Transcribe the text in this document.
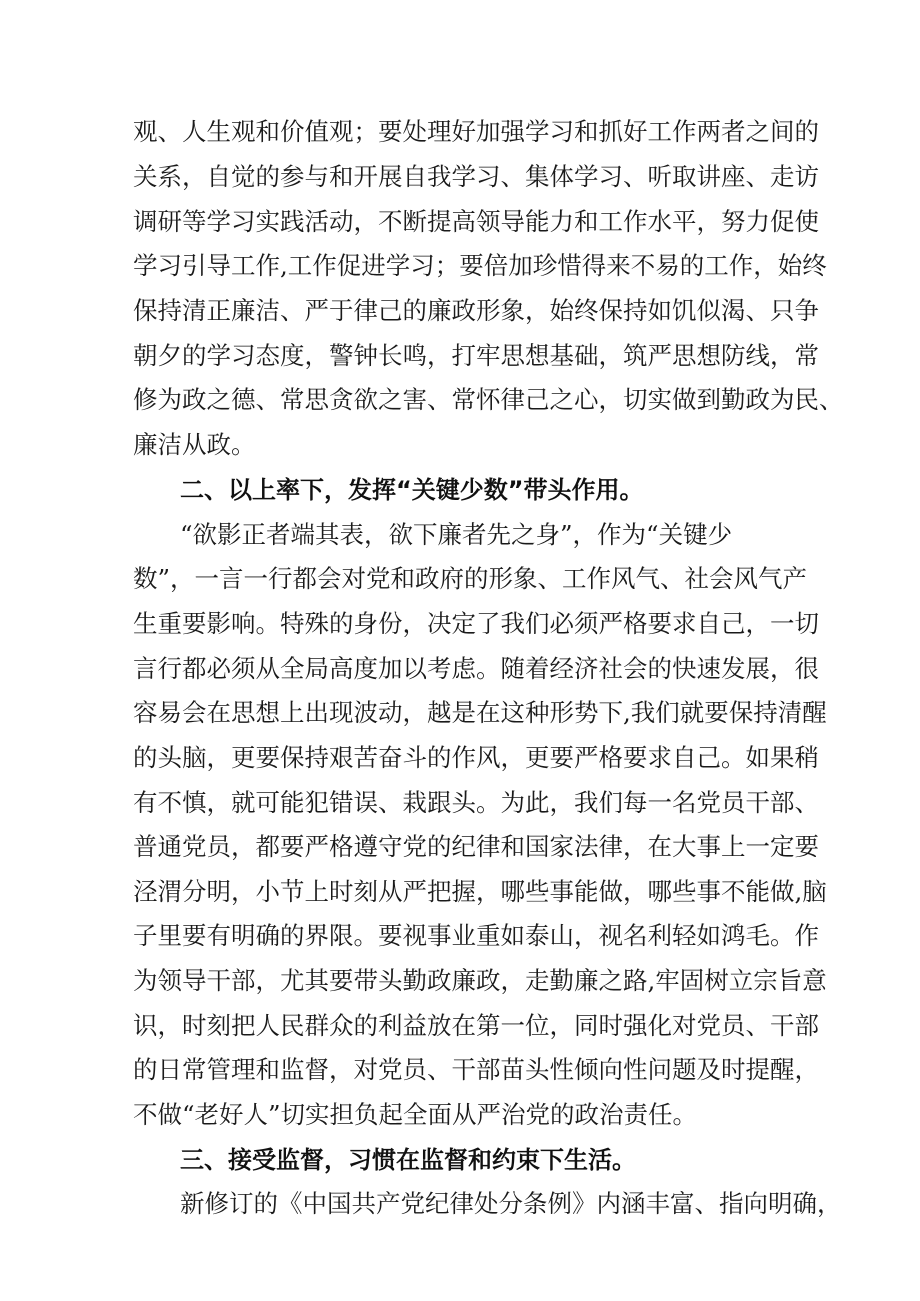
观、人生观和价值观；要处理好加强学习和抓好工作两者之间的
关系，自觉的参与和开展自我学习、集体学习、听取讲座、走访
调研等学习实践活动，不断提高领导能力和工作水平，努力促使
学习引导工作,工作促进学习；要倍加珍惜得来不易的工作，始终
保持清正廉洁、严于律己的廉政形象，始终保持如饥似渴、只争
朝夕的学习态度，警钟长鸣，打牢思想基础，筑严思想防线，常
修为政之德、常思贪欲之害、常怀律己之心，切实做到勤政为民、
廉洁从政。
二、以上率下，发挥“关键少数”带头作用。
“欲影正者端其表，欲下廉者先之身”，作为“关键少
数”，一言一行都会对党和政府的形象、工作风气、社会风气产
生重要影响。特殊的身份，决定了我们必须严格要求自己，一切
言行都必须从全局高度加以考虑。随着经济社会的快速发展，很
容易会在思想上出现波动，越是在这种形势下,我们就要保持清醒
的头脑，更要保持艰苦奋斗的作风，更要严格要求自己。如果稍
有不慎，就可能犯错误、栽跟头。为此，我们每一名党员干部、
普通党员，都要严格遵守党的纪律和国家法律，在大事上一定要
泾渭分明，小节上时刻从严把握，哪些事能做，哪些事不能做,脑
子里要有明确的界限。要视事业重如泰山，视名利轻如鸿毛。作
为领导干部，尤其要带头勤政廉政，走勤廉之路,牢固树立宗旨意
识，时刻把人民群众的利益放在第一位，同时强化对党员、干部
的日常管理和监督，对党员、干部苗头性倾向性问题及时提醒，
不做“老好人”切实担负起全面从严治党的政治责任。
三、接受监督，习惯在监督和约束下生活。
新修订的《中国共产党纪律处分条例》内涵丰富、指向明确，
